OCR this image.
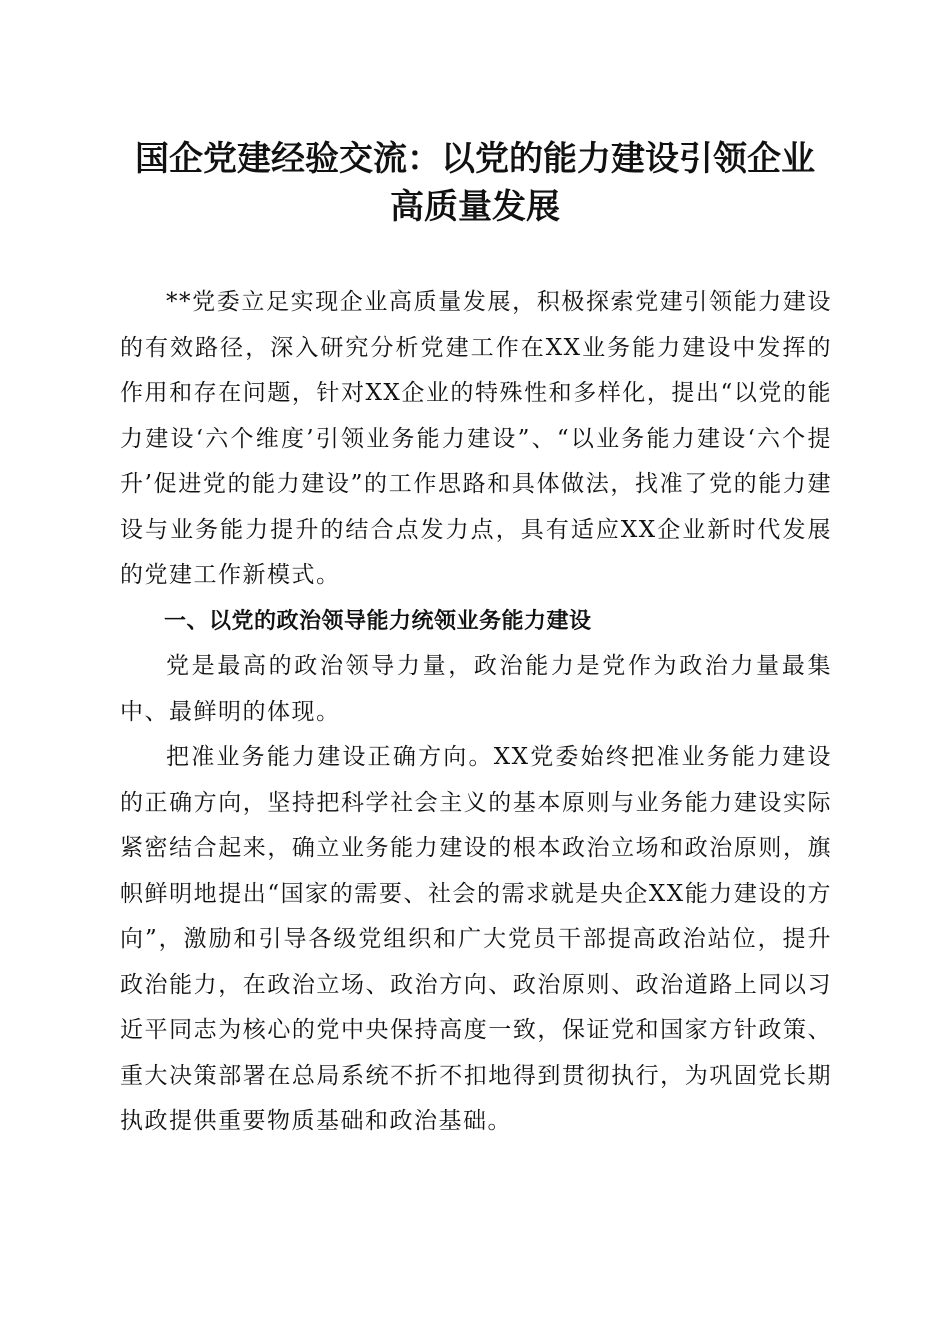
国企党建经验交流：以党的能力建设引领企业
高质量发展

**党委立足实现企业高质量发展，积极探索党建引领能力建设的有效路径，深入研究分析党建工作在XX业务能力建设中发挥的作用和存在问题，针对XX企业的特殊性和多样化，提出“以党的能力建设‘六个维度’引领业务能力建设”、“以业务能力建设‘六个提升’促进党的能力建设”的工作思路和具体做法，找准了党的能力建设与业务能力提升的结合点发力点，具有适应XX企业新时代发展的党建工作新模式。

一、以党的政治领导能力统领业务能力建设

党是最高的政治领导力量，政治能力是党作为政治力量最集中、最鲜明的体现。

把准业务能力建设正确方向。XX党委始终把准业务能力建设的正确方向，坚持把科学社会主义的基本原则与业务能力建设实际紧密结合起来，确立业务能力建设的根本政治立场和政治原则，旗帜鲜明地提出“国家的需要、社会的需求就是央企XX能力建设的方向”，激励和引导各级党组织和广大党员干部提高政治站位，提升政治能力，在政治立场、政治方向、政治原则、政治道路上同以习近平同志为核心的党中央保持高度一致，保证党和国家方针政策、重大决策部署在总局系统不折不扣地得到贯彻执行，为巩固党长期执政提供重要物质基础和政治基础。
